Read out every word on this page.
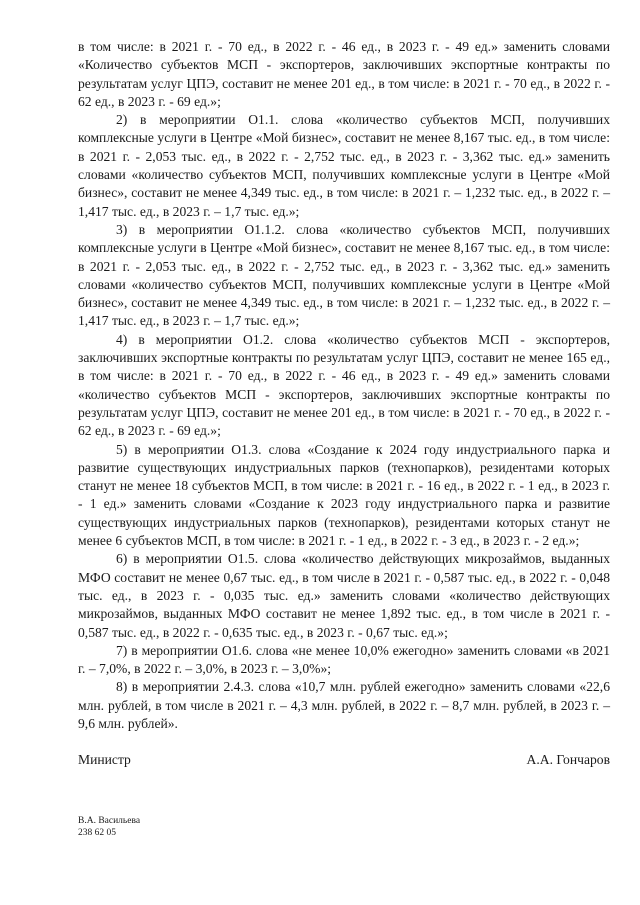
в том числе: в 2021 г. - 70 ед., в 2022 г. - 46 ед., в 2023 г. - 49 ед.» заменить словами «Количество субъектов МСП - экспортеров, заключивших экспортные контракты по результатам услуг ЦПЭ, составит не менее 201 ед., в том числе: в 2021 г. - 70 ед., в 2022 г. - 62 ед., в 2023 г. - 69 ед.»;

2) в мероприятии О1.1. слова «количество субъектов МСП, получивших комплексные услуги в Центре «Мой бизнес», составит не менее 8,167 тыс. ед., в том числе: в 2021 г. - 2,053 тыс. ед., в 2022 г. - 2,752 тыс. ед., в 2023 г. - 3,362 тыс. ед.» заменить словами «количество субъектов МСП, получивших комплексные услуги в Центре «Мой бизнес», составит не менее 4,349 тыс. ед., в том числе: в 2021 г. – 1,232 тыс. ед., в 2022 г. – 1,417 тыс. ед., в 2023 г. – 1,7 тыс. ед.»;

3) в мероприятии О1.1.2. слова «количество субъектов МСП, получивших комплексные услуги в Центре «Мой бизнес», составит не менее 8,167 тыс. ед., в том числе: в 2021 г. - 2,053 тыс. ед., в 2022 г. - 2,752 тыс. ед., в 2023 г. - 3,362 тыс. ед.» заменить словами «количество субъектов МСП, получивших комплексные услуги в Центре «Мой бизнес», составит не менее 4,349 тыс. ед., в том числе: в 2021 г. – 1,232 тыс. ед., в 2022 г. – 1,417 тыс. ед., в 2023 г. – 1,7 тыс. ед.»;

4) в мероприятии О1.2. слова «количество субъектов МСП - экспортеров, заключивших экспортные контракты по результатам услуг ЦПЭ, составит не менее 165 ед., в том числе: в 2021 г. - 70 ед., в 2022 г. - 46 ед., в 2023 г. - 49 ед.» заменить словами «количество субъектов МСП - экспортеров, заключивших экспортные контракты по результатам услуг ЦПЭ, составит не менее 201 ед., в том числе: в 2021 г. - 70 ед., в 2022 г. - 62 ед., в 2023 г. - 69 ед.»;

5) в мероприятии О1.3. слова «Создание к 2024 году индустриального парка и развитие существующих индустриальных парков (технопарков), резидентами которых станут не менее 18 субъектов МСП, в том числе: в 2021 г. - 16 ед., в 2022 г. - 1 ед., в 2023 г. - 1 ед.» заменить словами «Создание к 2023 году индустриального парка и развитие существующих индустриальных парков (технопарков), резидентами которых станут не менее 6 субъектов МСП, в том числе: в 2021 г. - 1 ед., в 2022 г. - 3 ед., в 2023 г. - 2 ед.»;

6) в мероприятии О1.5. слова «количество действующих микрозаймов, выданных МФО составит не менее 0,67 тыс. ед., в том числе в 2021 г. - 0,587 тыс. ед., в 2022 г. - 0,048 тыс. ед., в 2023 г. - 0,035 тыс. ед.» заменить словами «количество действующих микрозаймов, выданных МФО составит не менее 1,892 тыс. ед., в том числе в 2021 г. - 0,587 тыс. ед., в 2022 г. - 0,635 тыс. ед., в 2023 г. - 0,67 тыс. ед.»;

7) в мероприятии О1.6. слова «не менее 10,0% ежегодно» заменить словами «в 2021 г. – 7,0%, в 2022 г. – 3,0%, в 2023 г. – 3,0%»;

8) в мероприятии 2.4.3. слова «10,7 млн. рублей ежегодно» заменить словами «22,6 млн. рублей, в том числе в 2021 г. – 4,3 млн. рублей, в 2022 г. – 8,7 млн. рублей, в 2023 г. – 9,6 млн. рублей».

Министр	А.А. Гончаров
В.А. Васильева
238 62 05
